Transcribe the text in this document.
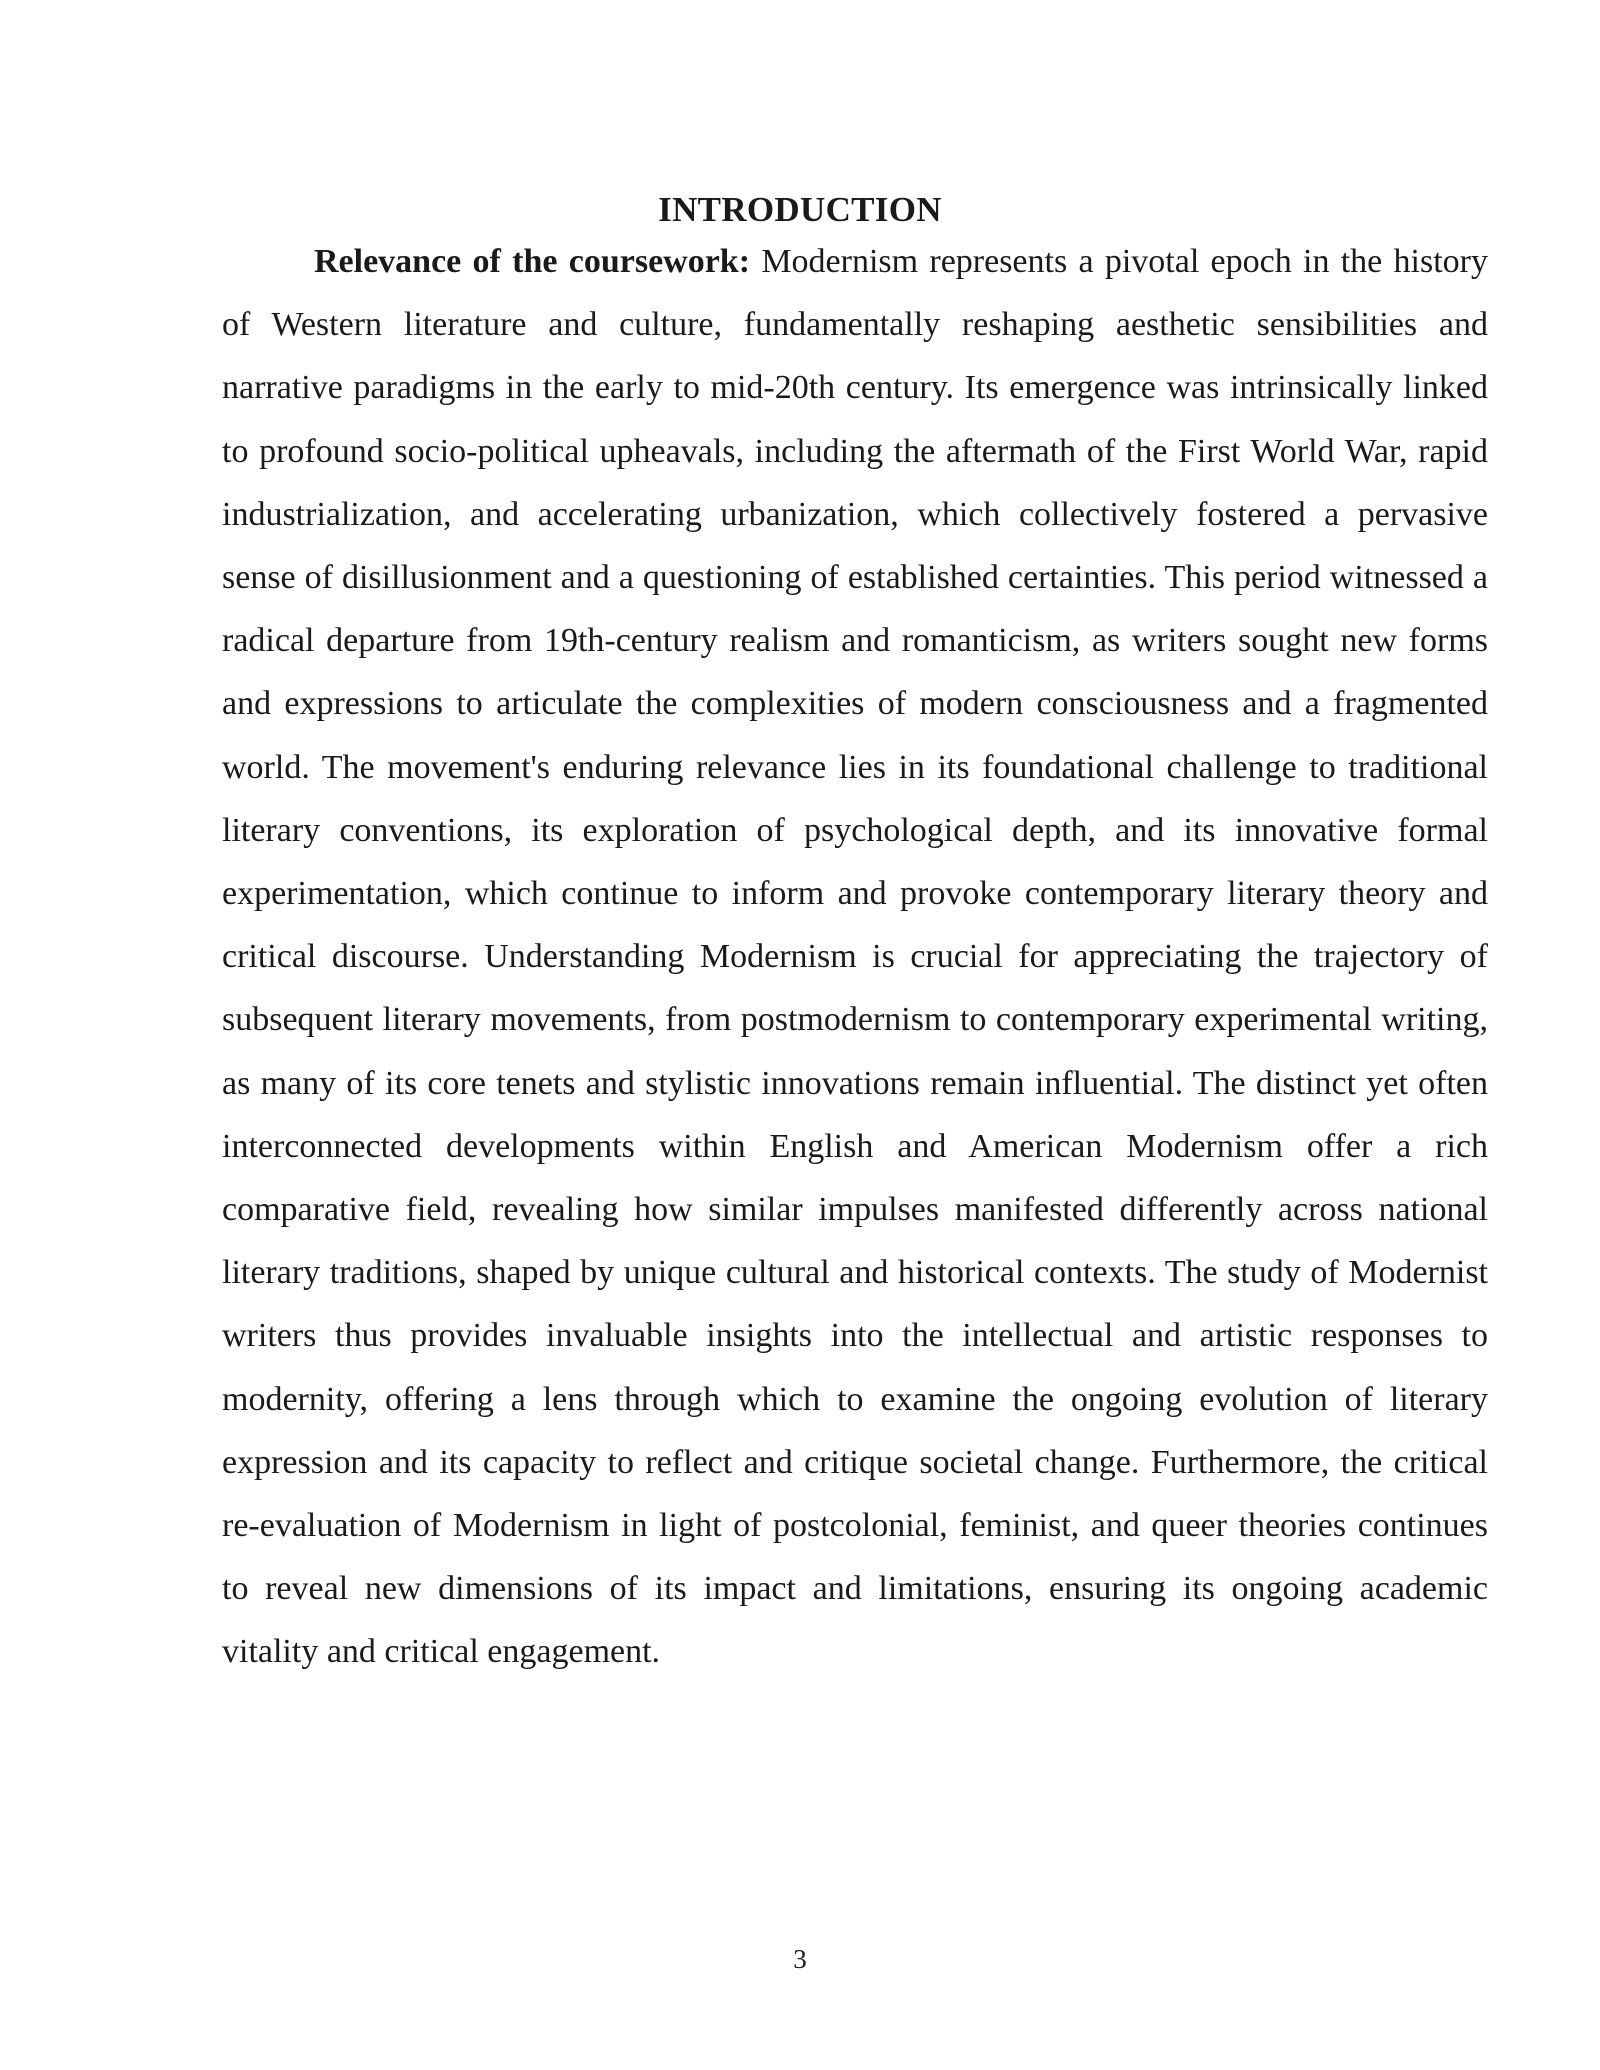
INTRODUCTION

Relevance of the coursework: Modernism represents a pivotal epoch in the history of Western literature and culture, fundamentally reshaping aesthetic sensibilities and narrative paradigms in the early to mid-20th century. Its emergence was intrinsically linked to profound socio-political upheavals, including the aftermath of the First World War, rapid industrialization, and accelerating urbanization, which collectively fostered a pervasive sense of disillusionment and a questioning of established certainties. This period witnessed a radical departure from 19th-century realism and romanticism, as writers sought new forms and expressions to articulate the complexities of modern consciousness and a fragmented world. The movement's enduring relevance lies in its foundational challenge to traditional literary conventions, its exploration of psychological depth, and its innovative formal experimentation, which continue to inform and provoke contemporary literary theory and critical discourse. Understanding Modernism is crucial for appreciating the trajectory of subsequent literary movements, from postmodernism to contemporary experimental writing, as many of its core tenets and stylistic innovations remain influential. The distinct yet often interconnected developments within English and American Modernism offer a rich comparative field, revealing how similar impulses manifested differently across national literary traditions, shaped by unique cultural and historical contexts. The study of Modernist writers thus provides invaluable insights into the intellectual and artistic responses to modernity, offering a lens through which to examine the ongoing evolution of literary expression and its capacity to reflect and critique societal change. Furthermore, the critical re-evaluation of Modernism in light of postcolonial, feminist, and queer theories continues to reveal new dimensions of its impact and limitations, ensuring its ongoing academic vitality and critical engagement.

3
